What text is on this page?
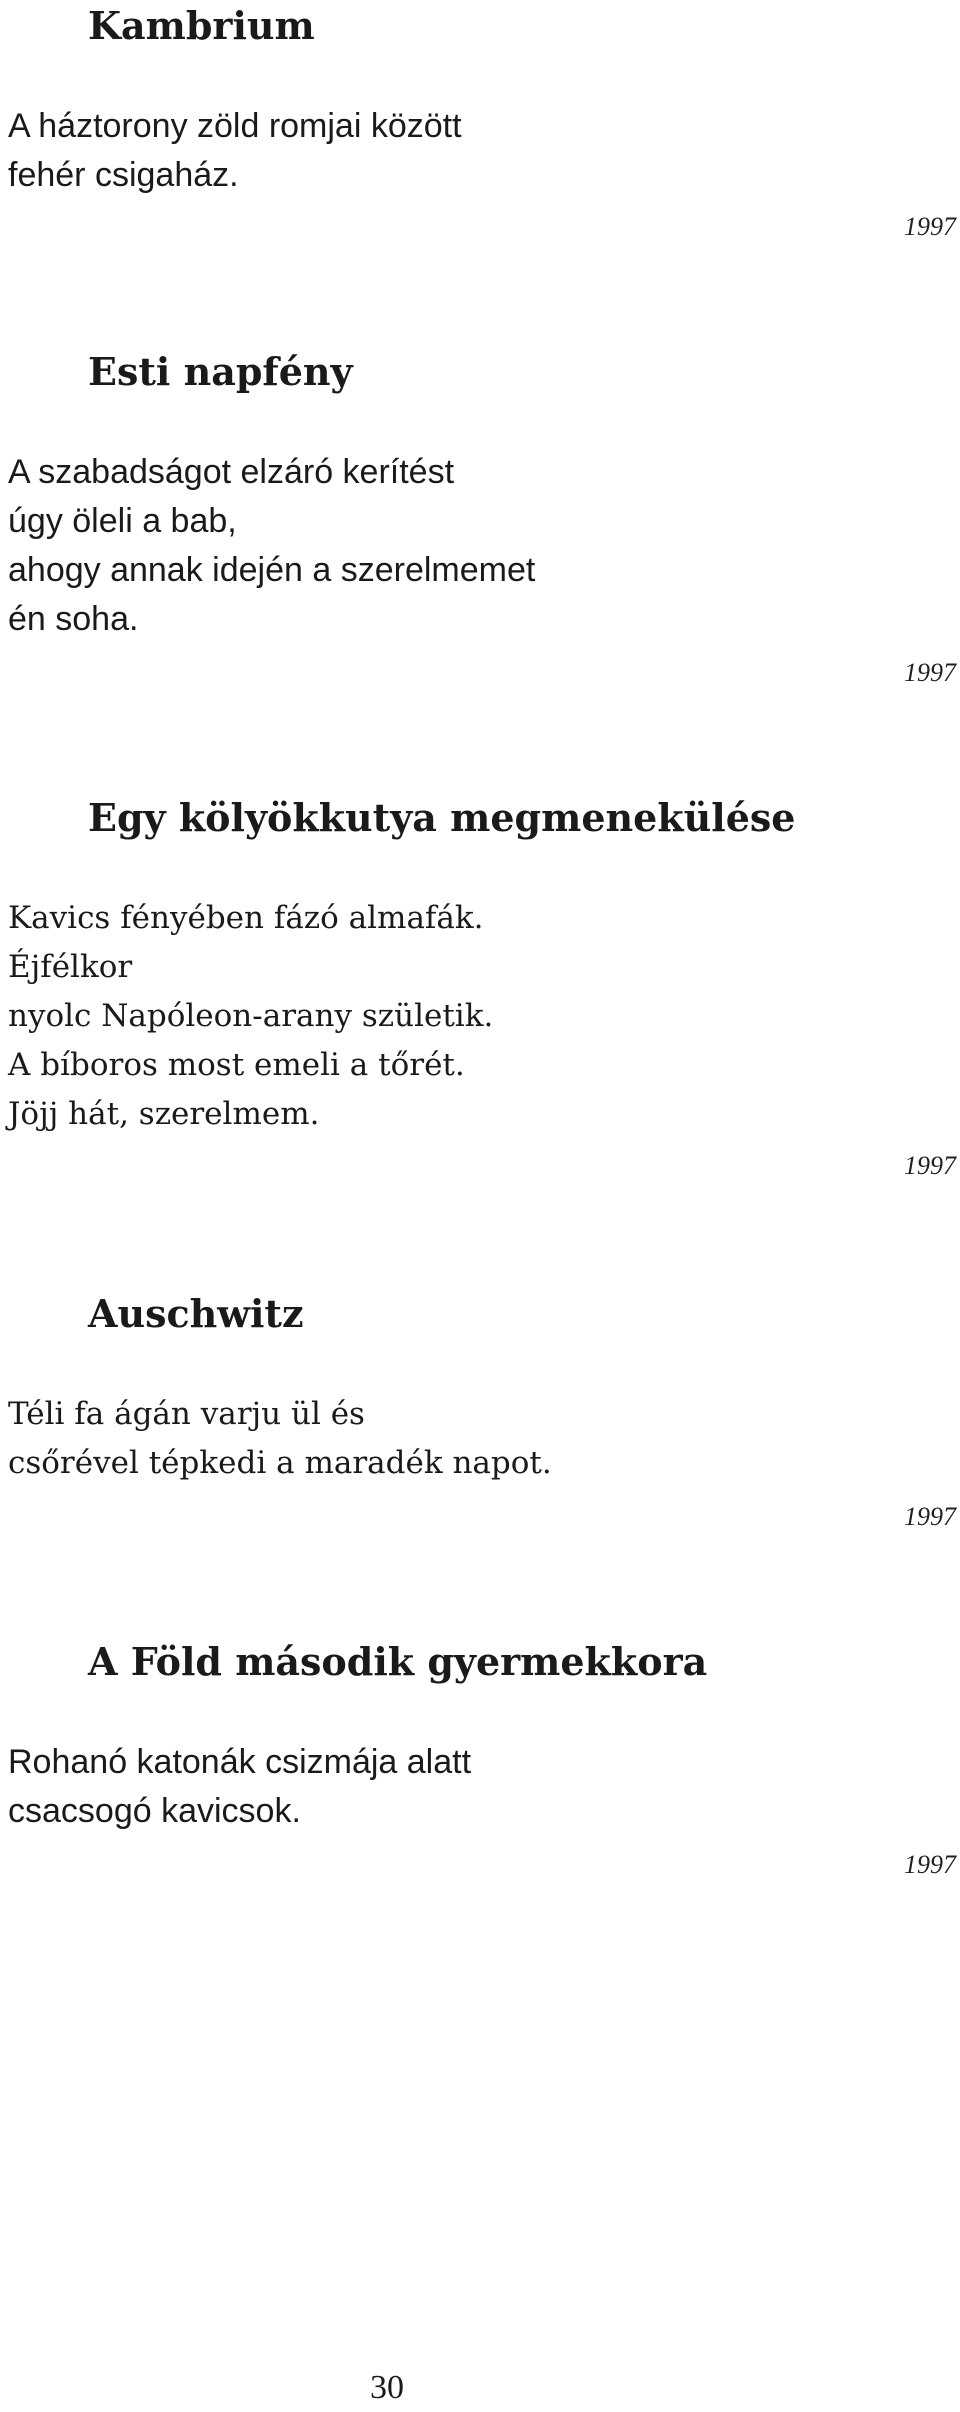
Kambrium
A háztorony zöld romjai között
fehér csigaház.
1997
Esti napfény
A szabadságot elzáró kerítést
úgy öleli a bab,
ahogy annak idején a szerelmemet
én soha.
1997
Egy kölyökkutya megmenekülése
Kavics fényében fázó almafák.
Éjfélkor
nyolc Napóleon-arany születik.
A bíboros most emeli a tőrét.
Jöjj hát, szerelmem.
1997
Auschwitz
Téli fa ágán varju ül és
csőrével tépkedi a maradék napot.
1997
A Föld második gyermekkora
Rohanó katonák csizmája alatt
csacsogó kavicsok.
1997
30
